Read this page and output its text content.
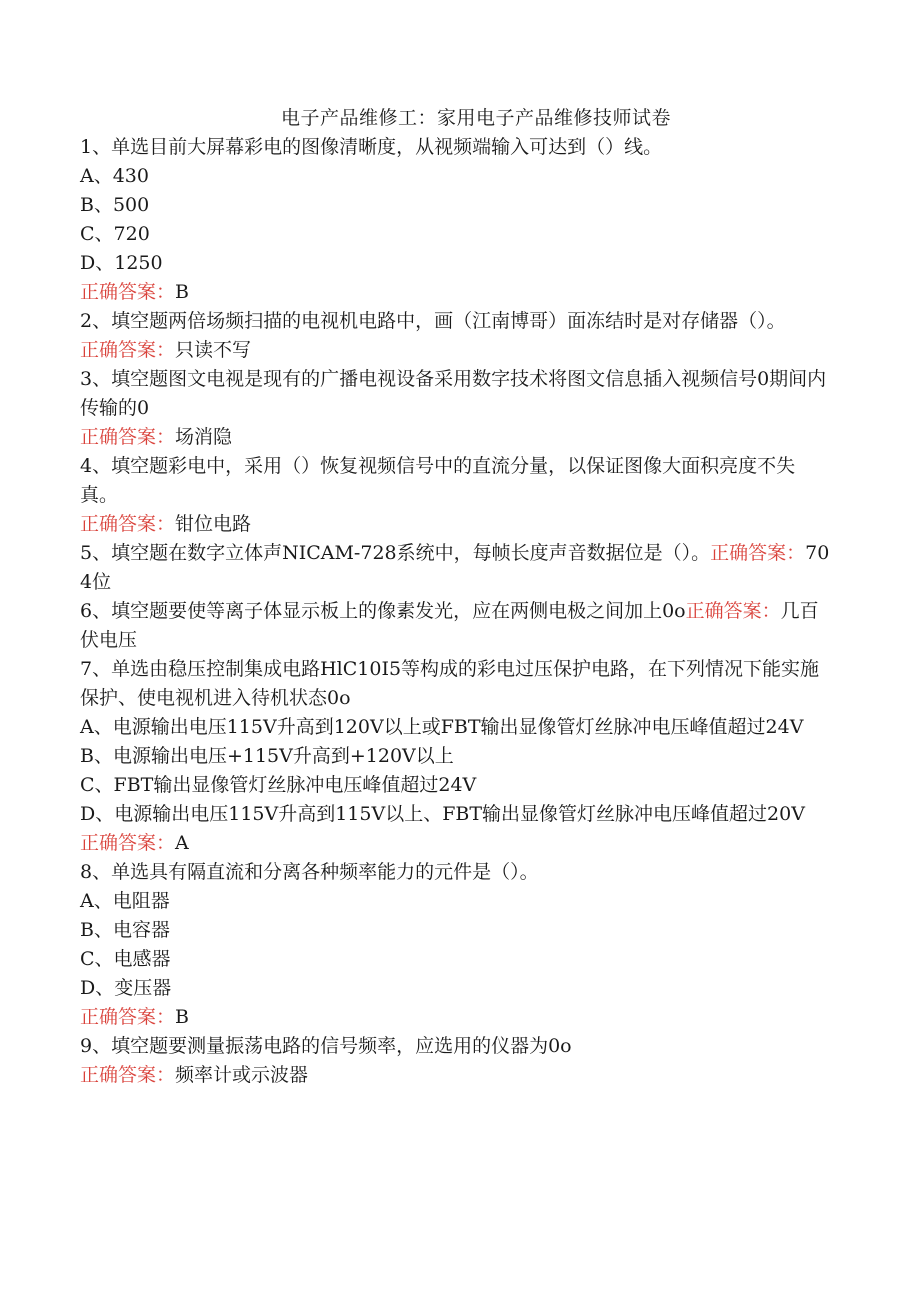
电子产品维修工：家用电子产品维修技师试卷
1、单选目前大屏幕彩电的图像清晰度，从视频端输入可达到（）线。
A、430
B、500
C、720
D、1250
正确答案：B
2、填空题两倍场频扫描的电视机电路中，画（江南博哥）面冻结时是对存储器（）。
正确答案：只读不写
3、填空题图文电视是现有的广播电视设备采用数字技术将图文信息插入视频信号0期间内传输的0
正确答案：场消隐
4、填空题彩电中，采用（）恢复视频信号中的直流分量，以保证图像大面积亮度不失真。
正确答案：钳位电路
5、填空题在数字立体声NICAM-728系统中，每帧长度声音数据位是（）。正确答案：704位
6、填空题要使等离子体显示板上的像素发光，应在两侧电极之间加上0o正确答案：几百伏电压
7、单选由稳压控制集成电路HlC10I5等构成的彩电过压保护电路，在下列情况下能实施保护、使电视机进入待机状态0o
A、电源输出电压115V升高到120V以上或FBT输出显像管灯丝脉冲电压峰值超过24V
B、电源输出电压+115V升高到+120V以上
C、FBT输出显像管灯丝脉冲电压峰值超过24V
D、电源输出电压115V升高到115V以上、FBT输出显像管灯丝脉冲电压峰值超过20V
正确答案：A
8、单选具有隔直流和分离各种频率能力的元件是（）。
A、电阻器
B、电容器
C、电感器
D、变压器
正确答案：B
9、填空题要测量振荡电路的信号频率，应选用的仪器为0o
正确答案：频率计或示波器
